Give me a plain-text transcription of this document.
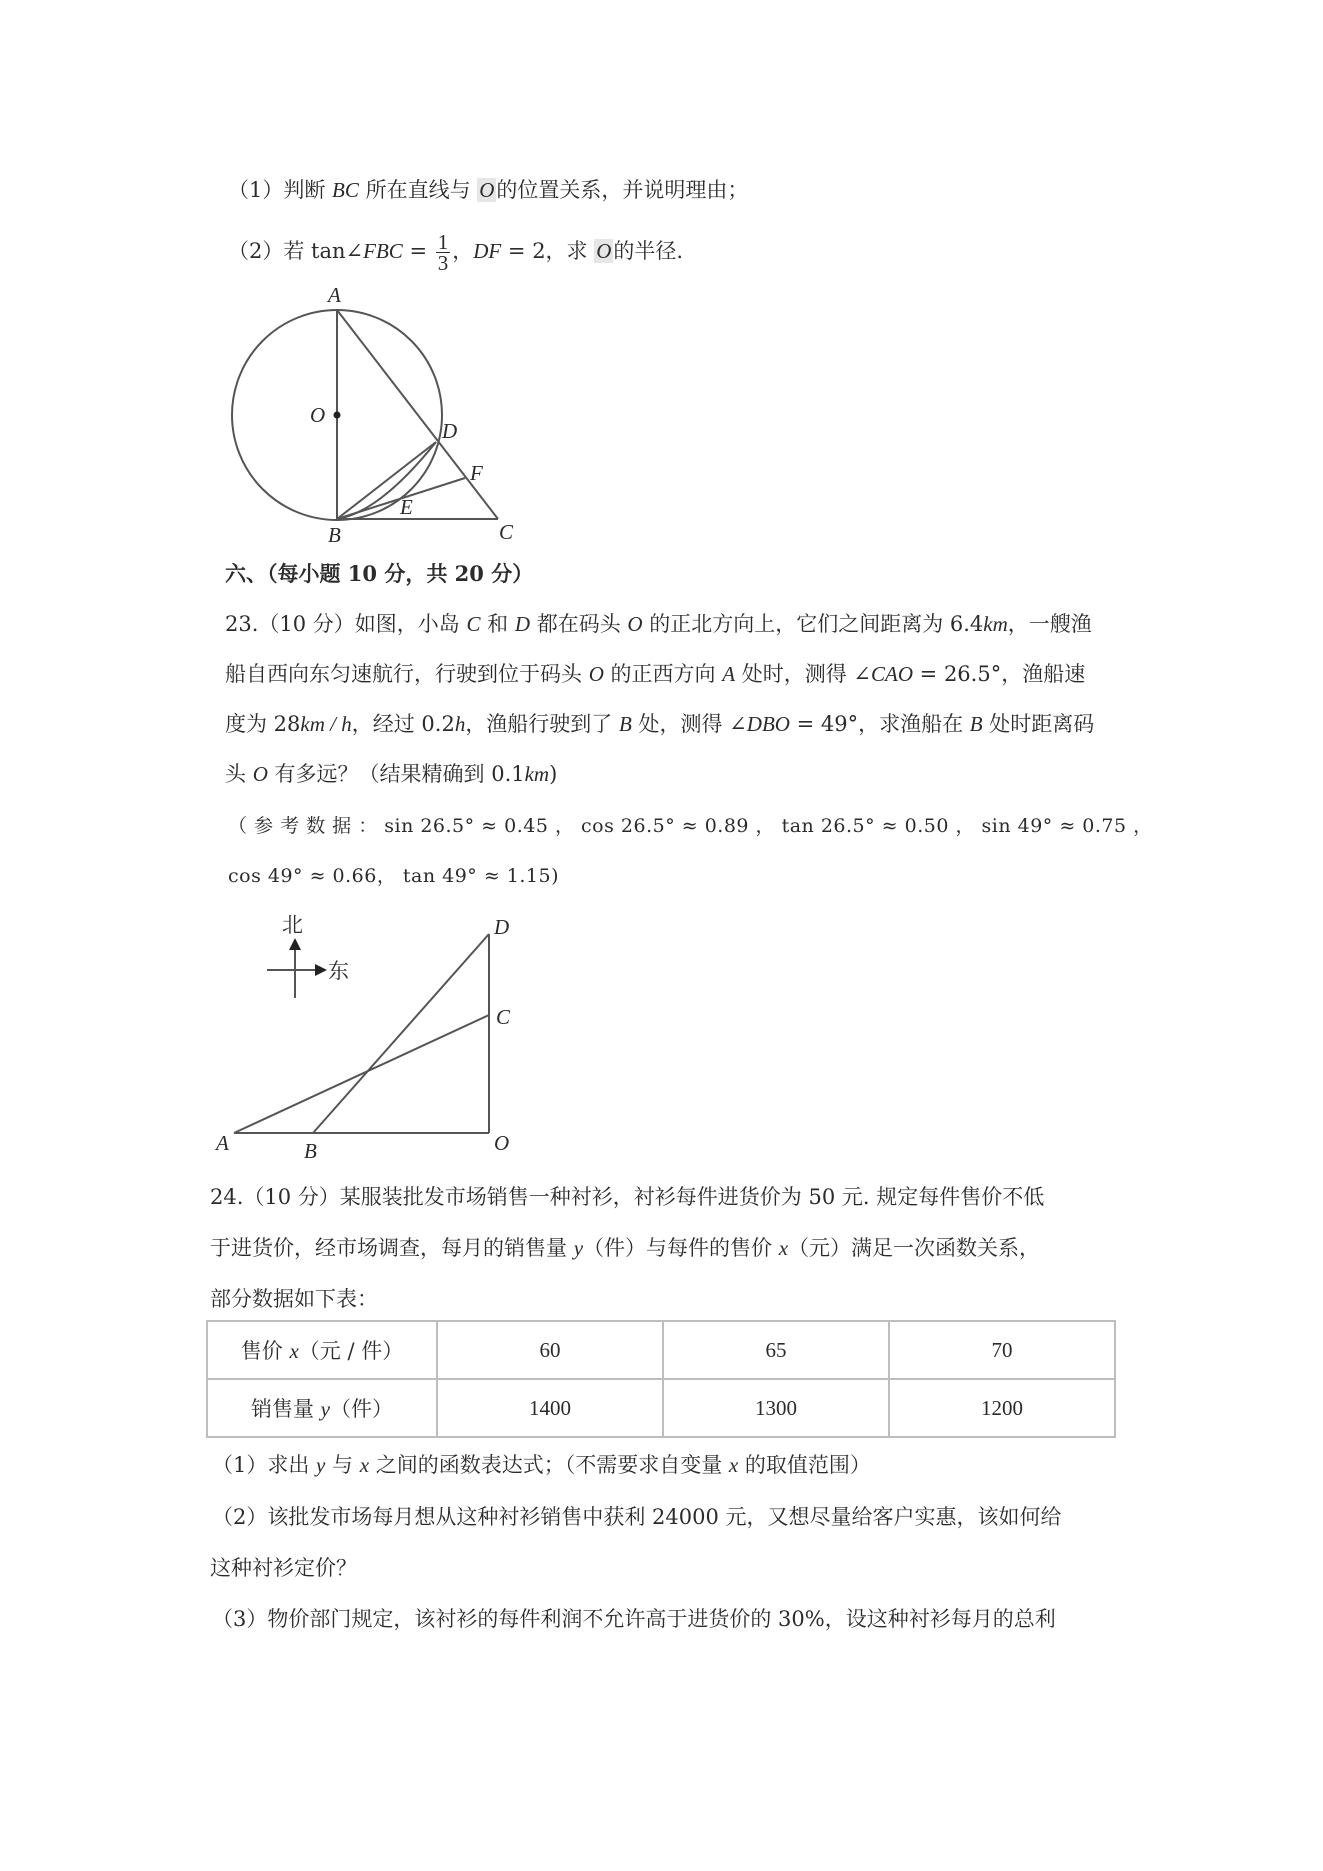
（1）判断 BC 所在直线与 O的位置关系，并说明理由；
（2）若 tan∠FBC = $\frac{1}{3}$ ，DF = 2，求 O的半径.
A
O
D
F
E
B	C
六、（每小题 10 分，共 20 分）
23.（10 分）如图，小岛 C 和 D 都在码头 O 的正北方向上，它们之间距离为 6.4km，一艘渔
船自西向东匀速航行，行驶到位于码头 O 的正西方向 A 处时，测得 ∠CAO = 26.5°，渔船速
度为 28km / h，经过 0.2h，渔船行驶到了 B 处，测得 ∠DBO = 49°，求渔船在 B 处时距离码
头 O 有多远？（结果精确到 0.1km)
（ 参 考 数 据 ： sin 26.5° ≈ 0.45 ， cos 26.5° ≈ 0.89 ， tan 26.5° ≈ 0.50 ， sin 49° ≈ 0.75 ，
cos 49° ≈ 0.66， tan 49° ≈ 1.15)
北
东
A	B	O
C
D
24.（10 分）某服装批发市场销售一种衬衫，衬衫每件进货价为 50 元. 规定每件售价不低
于进货价，经市场调查，每月的销售量 y（件）与每件的售价 x（元）满足一次函数关系，
部分数据如下表：
售价 x（元 / 件）	60	65	70
销售量 y（件）	1400	1300	1200
（1）求出 y 与 x 之间的函数表达式；（不需要求自变量 x 的取值范围）
（2）该批发市场每月想从这种衬衫销售中获利 24000 元，又想尽量给客户实惠，该如何给
这种衬衫定价？
（3）物价部门规定，该衬衫的每件利润不允许高于进货价的 30%，设这种衬衫每月的总利
